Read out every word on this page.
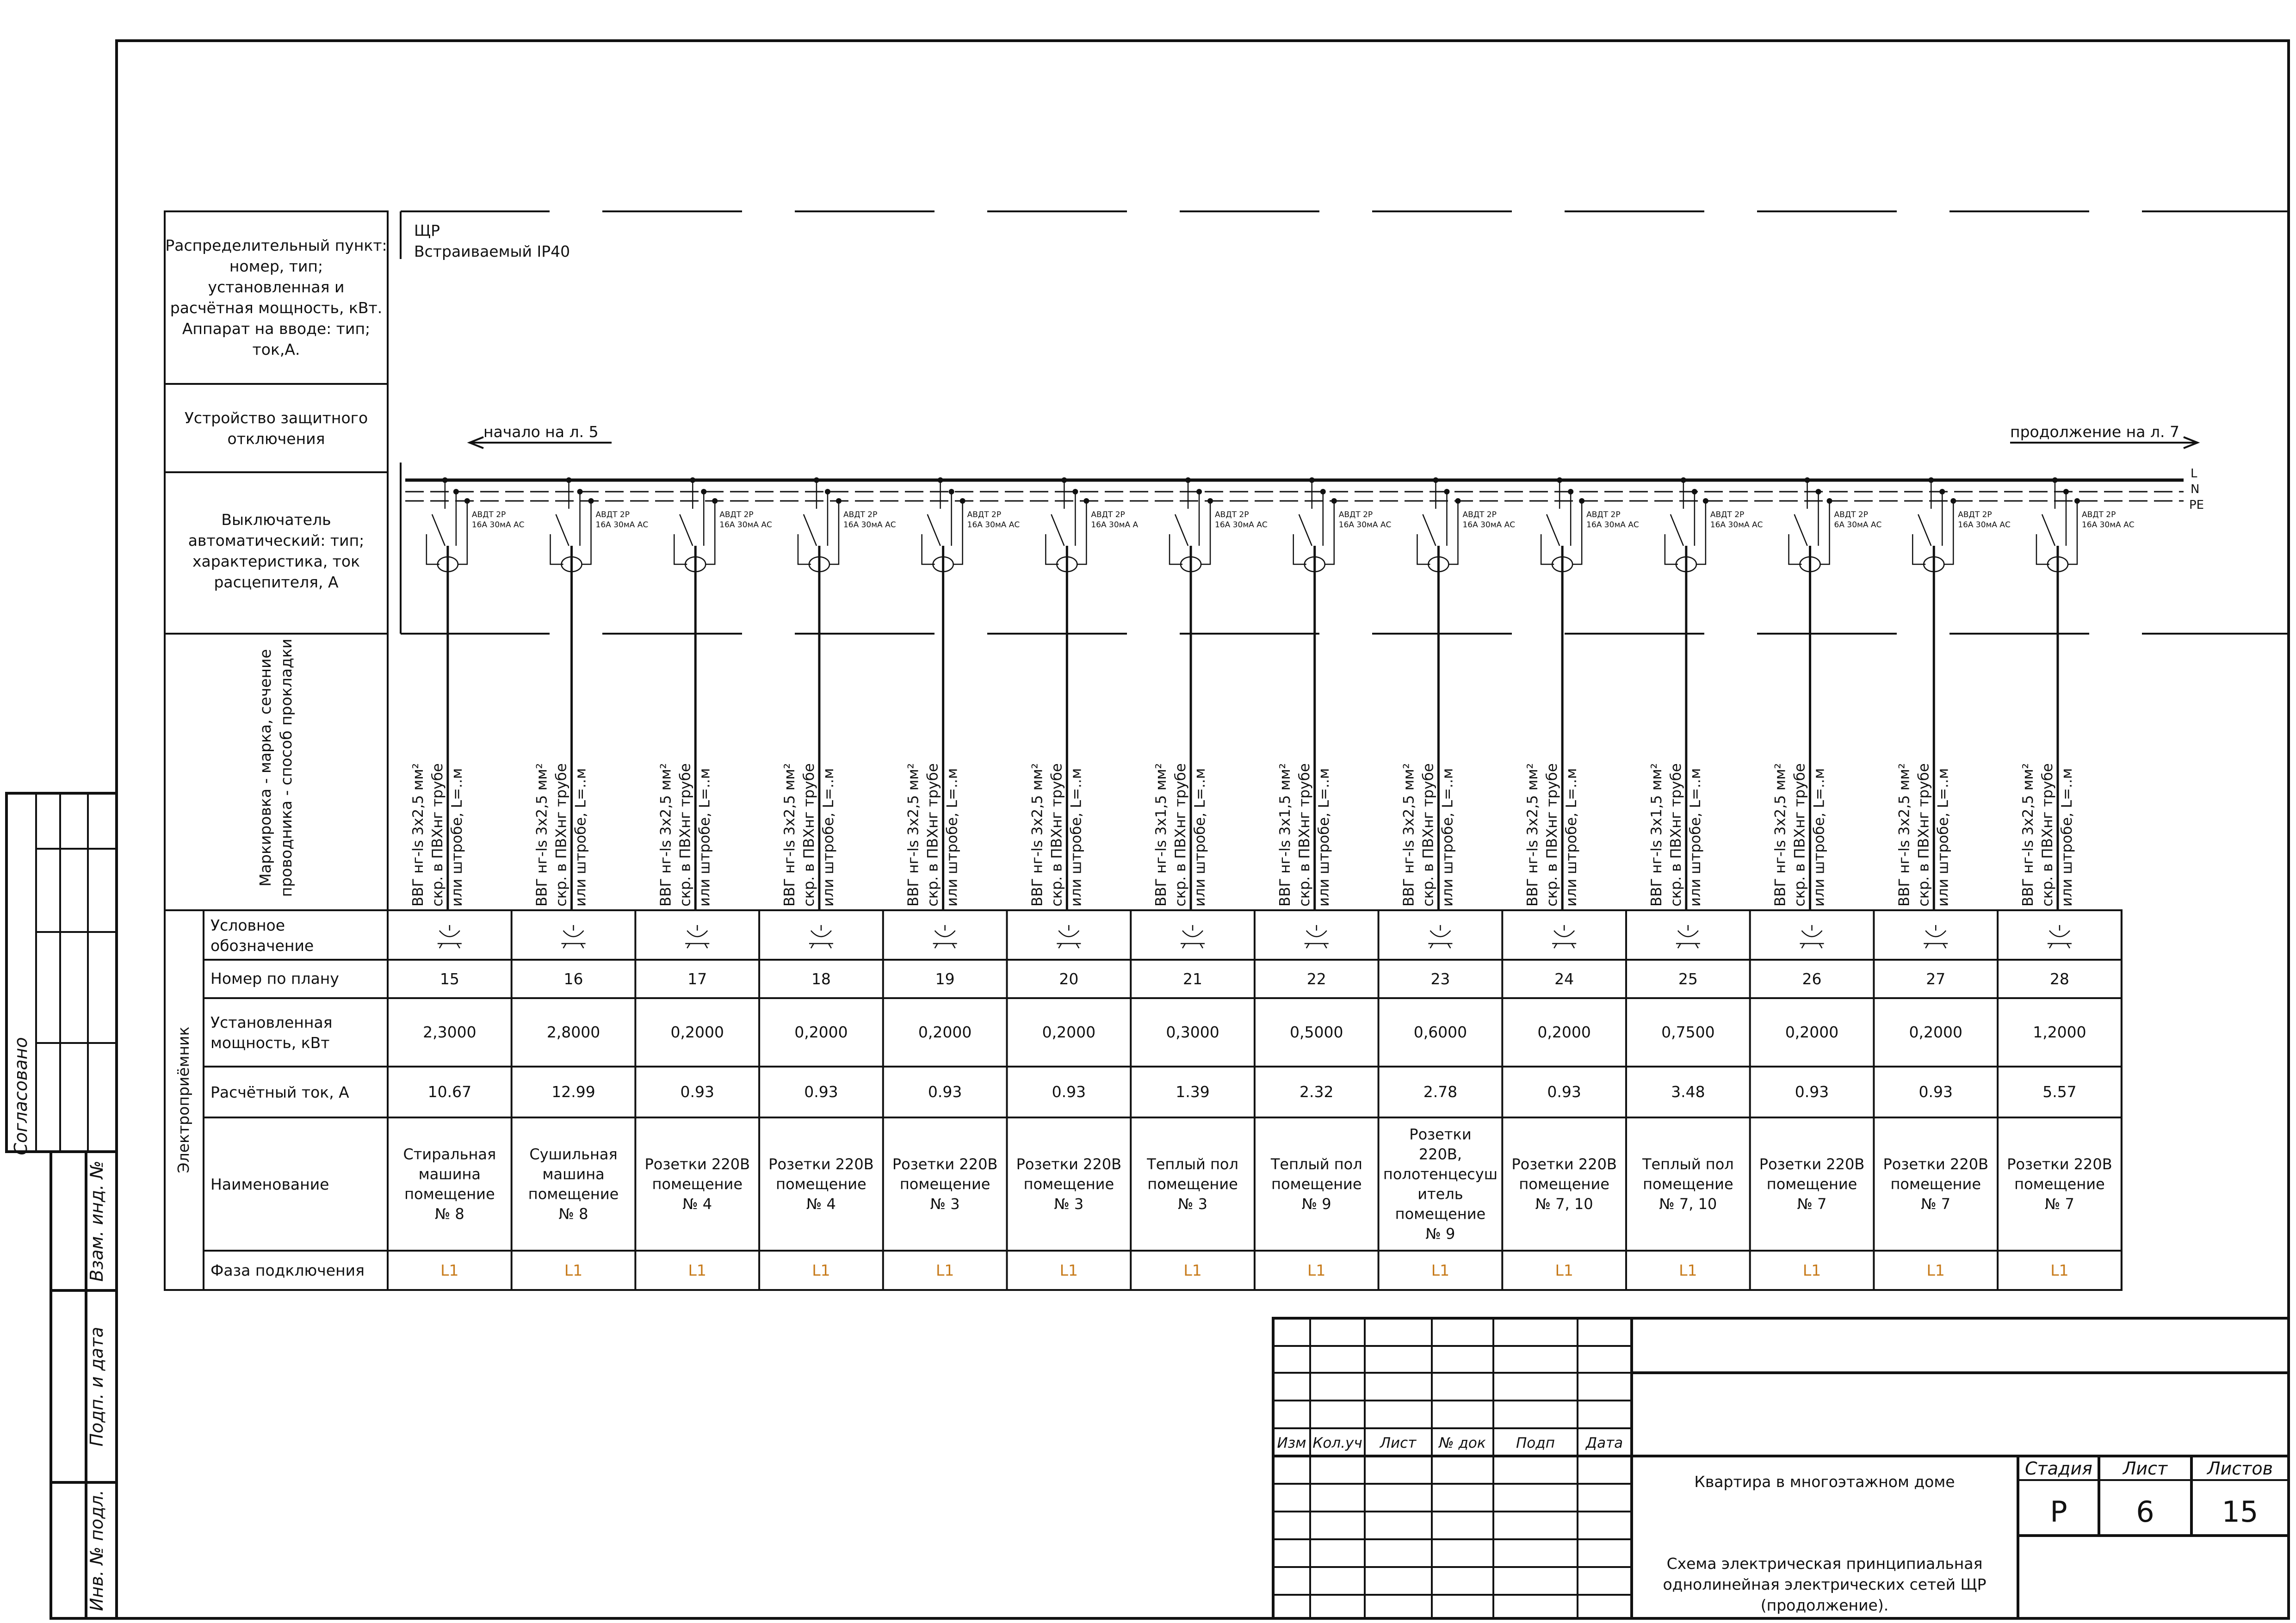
Согласовано
Взам. инд. №
Подп. и дата
Инв. № подл.
Распределительный пункт:
номер, тип;
установленная и
расчётная мощность, кВт.
Аппарат на вводе: тип;
ток,А.
Устройство защитного
отключения
Выключатель
автоматический: тип;
характеристика, ток
расцепителя, А
Маркировка - марка, сечение проводника - способ прокладки
Электроприёмник
Условное
обозначение
Номер по плану
Установленная
мощность, кВт
Расчётный ток, А
Наименование
Фаза подключения
ЩР
Встраиваемый IP40
начало на л. 5	продолжение на л. 7
L
N
PE
ВВГ нг-ls 3х2,5 мм² скр. в ПВХнг трубе или штробе, L=..м
АВДТ 2P
16А 30мА АС
15
2,3000
10.67
Стиральная
машина
помещение
№ 8
L1
ВВГ нг-ls 3х2,5 мм² скр. в ПВХнг трубе или штробе, L=..м
АВДТ 2P
16А 30мА АС
16
2,8000
12.99
Сушильная
машина
помещение
№ 8
L1
ВВГ нг-ls 3х2,5 мм² скр. в ПВХнг трубе или штробе, L=..м
АВДТ 2P
16А 30мА АС
17
0,2000
0.93
Розетки 220В
помещение
№ 4
L1
ВВГ нг-ls 3х2,5 мм² скр. в ПВХнг трубе или штробе, L=..м
АВДТ 2P
16А 30мА АС
18
0,2000
0.93
Розетки 220В
помещение
№ 4
L1
ВВГ нг-ls 3х2,5 мм² скр. в ПВХнг трубе или штробе, L=..м
АВДТ 2P
16А 30мА АС
19
0,2000
0.93
Розетки 220В
помещение
№ 3
L1
ВВГ нг-ls 3х2,5 мм² скр. в ПВХнг трубе или штробе, L=..м
АВДТ 2P
16А 30мА А
20
0,2000
0.93
Розетки 220В
помещение
№ 3
L1
ВВГ нг-ls 3х1,5 мм² скр. в ПВХнг трубе или штробе, L=..м
АВДТ 2P
16А 30мА АС
21
0,3000
1.39
Теплый пол
помещение
№ 3
L1
ВВГ нг-ls 3х1,5 мм² скр. в ПВХнг трубе или штробе, L=..м
АВДТ 2P
16А 30мА АС
22
0,5000
2.32
Теплый пол
помещение
№ 9
L1
ВВГ нг-ls 3х2,5 мм² скр. в ПВХнг трубе или штробе, L=..м
АВДТ 2P
16А 30мА АС
23
0,6000
2.78
Розетки
220В,
полотенцесуш
итель
помещение
№ 9
L1
ВВГ нг-ls 3х2,5 мм² скр. в ПВХнг трубе или штробе, L=..м
АВДТ 2P
16А 30мА АС
24
0,2000
0.93
Розетки 220В
помещение
№ 7, 10
L1
ВВГ нг-ls 3х1,5 мм² скр. в ПВХнг трубе или штробе, L=..м
АВДТ 2P
16А 30мА АС
25
0,7500
3.48
Теплый пол
помещение
№ 7, 10
L1
ВВГ нг-ls 3х2,5 мм² скр. в ПВХнг трубе или штробе, L=..м
АВДТ 2P
6А 30мА АС
26
0,2000
0.93
Розетки 220В
помещение
№ 7
L1
ВВГ нг-ls 3х2,5 мм² скр. в ПВХнг трубе или штробе, L=..м
АВДТ 2P
16А 30мА АС
27
0,2000
0.93
Розетки 220В
помещение
№ 7
L1
ВВГ нг-ls 3х2,5 мм² скр. в ПВХнг трубе или штробе, L=..м
АВДТ 2P
16А 30мА АС
28
1,2000
5.57
Розетки 220В
помещение
№ 7
L1
Изм Кол.уч Лист № док Подп Дата
Квартира в многоэтажном доме
Схема электрическая принципиальная
однолинейная электрических сетей ЩР
(продолжение).
Стадия Лист Листов
Р 6 15
